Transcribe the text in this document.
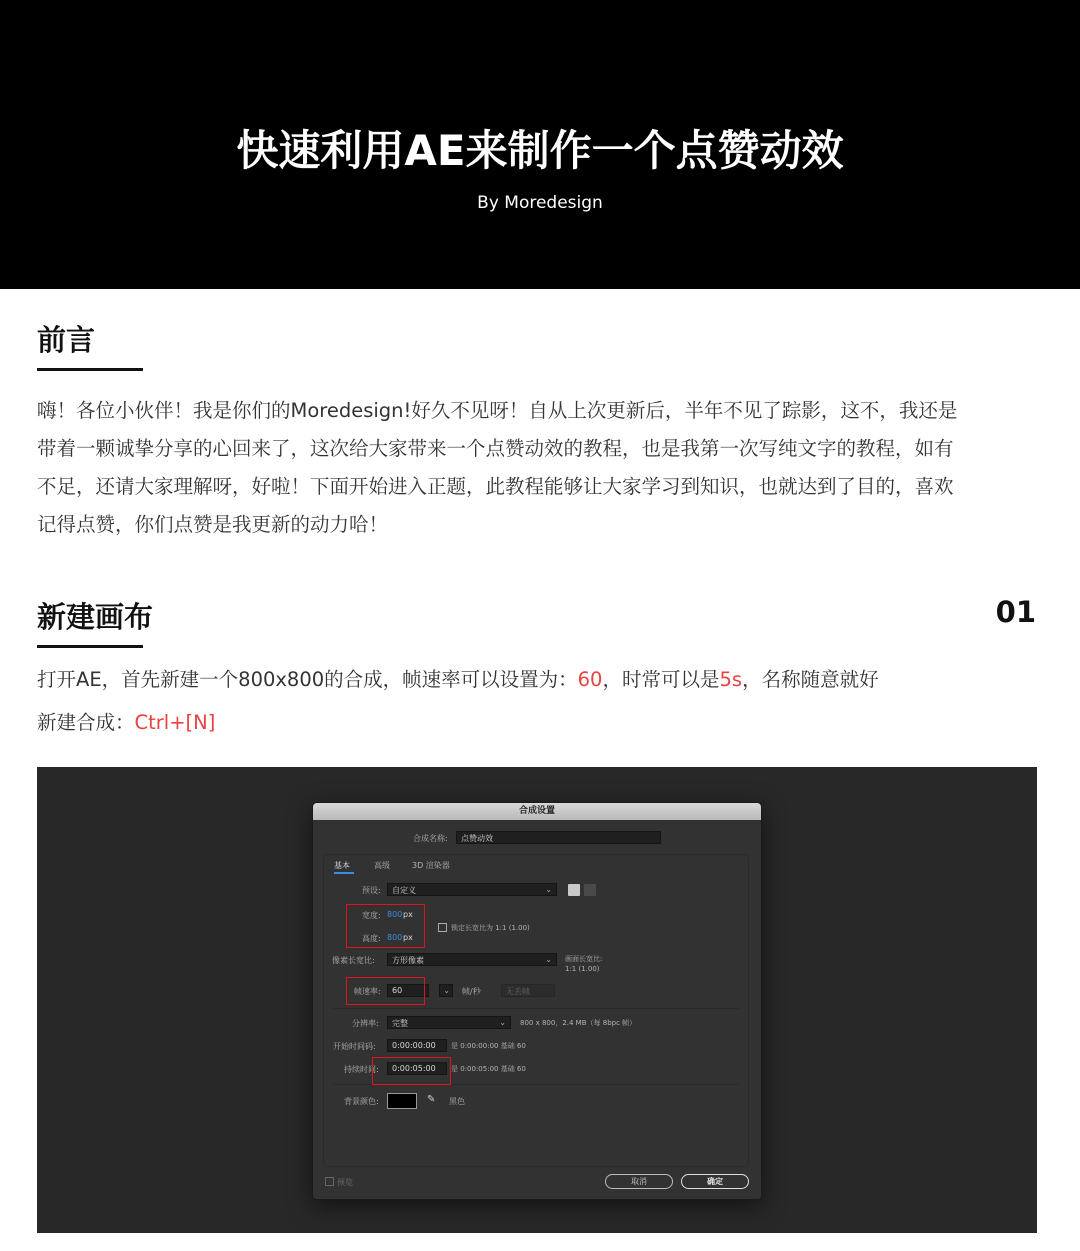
快速利用AE来制作一个点赞动效
By Moredesign
前言
嗨！各位小伙伴！我是你们的Moredesign!好久不见呀！自从上次更新后，半年不见了踪影，这不，我还是
带着一颗诚挚分享的心回来了，这次给大家带来一个点赞动效的教程，也是我第一次写纯文字的教程，如有
不足，还请大家理解呀，好啦！下面开始进入正题，此教程能够让大家学习到知识，也就达到了目的，喜欢
记得点赞，你们点赞是我更新的动力哈！
新建画布	01
打开AE，首先新建一个800x800的合成，帧速率可以设置为：60，时常可以是5s，名称随意就好
新建合成：Ctrl+[N]
合成设置
合成名称: 点赞动效
基本	高级	3D 渲染器
预设: 自定义	⌄
宽度: 800 px
锁定长宽比为 1:1 (1.00)
高度: 800 px
像素长宽比: 方形像素	⌄ 画面长宽比:
1:1 (1.00)
帧速率: 60	⌄ 帧/秒	无丢帧
分辨率: 完整	⌄ 800 x 800，2.4 MB（每 8bpc 帧）
开始时间码: 0:00:00:00 是 0:00:00:00 基础 60
持续时间: 0:00:05:00 是 0:00:05:00 基础 60
背景颜色:	✎ 黑色
预览	取消	确定
